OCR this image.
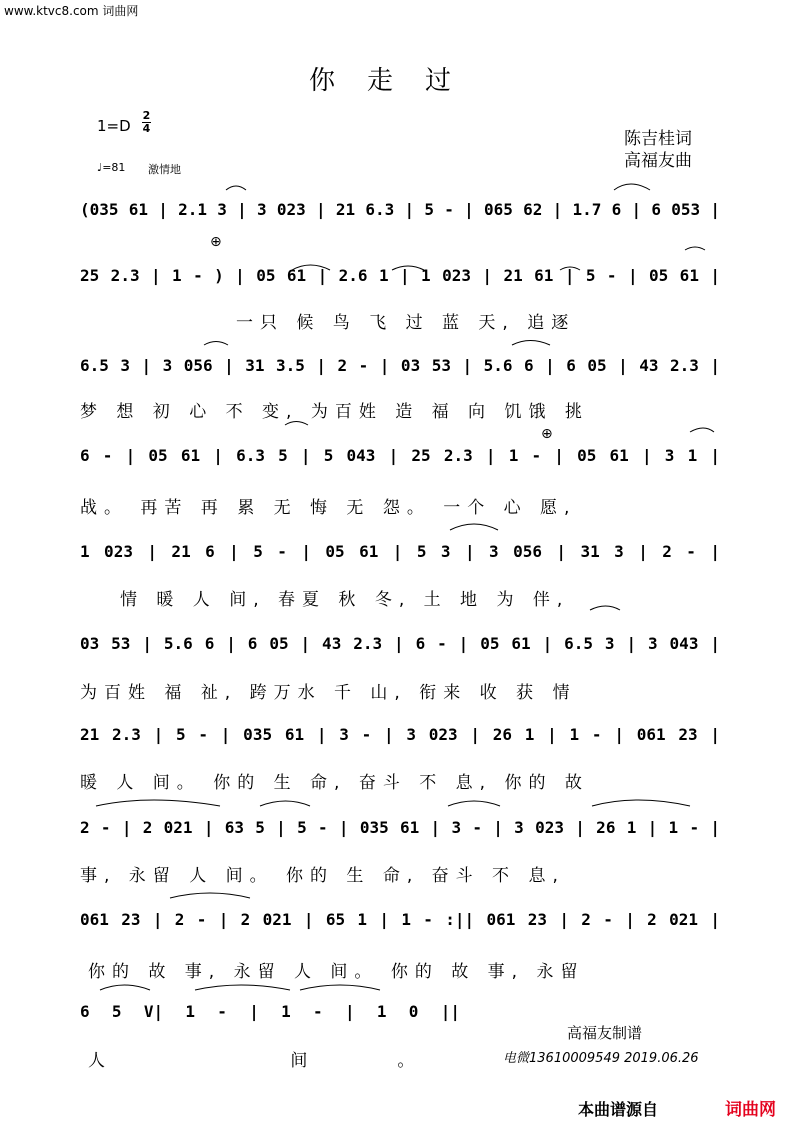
www.ktvc8.com 词曲网
你走过
1=D
2
4
♩=81 激情地
陈吉桂词
高福友曲
⊕
⊕
(035 61 | 2.1 3 | 3 023 | 21 6.3 | 5 - | 065 62 | 1.7 6 | 6 053 |
25 2.3 | 1 - ) | 05 61 | 2.6 1 | 1 023 | 21 61 | 5 - | 05 61 |
一只 候 鸟 飞 过 蓝 天, 追逐
6.5 3 | 3 056 | 31 3.5 | 2 - | 03 53 | 5.6 6 | 6 05 | 43 2.3 |
梦 想 初 心 不 变, 为百姓 造 福 向 饥饿 挑
6 - | 05 61 | 6.3 5 | 5 043 | 25 2.3 | 1 - | 05 61 | 3 1 |
战。 再苦 再 累 无 悔 无 怨。 一个 心 愿,
1 023 | 21 6 | 5 - | 05 61 | 5 3 | 3 056 | 31 3 | 2 - |
情 暖 人 间, 春夏 秋 冬, 土 地 为 伴,
03 53 | 5.6 6 | 6 05 | 43 2.3 | 6 - | 05 61 | 6.5 3 | 3 043 |
为百姓 福 祉, 跨万水 千 山, 衔来 收 获 情
21 2.3 | 5 - | 035 61 | 3 - | 3 023 | 26 1 | 1 - | 061 23 |
暖 人 间。 你的 生 命, 奋斗 不 息, 你的 故
2 - | 2 021 | 63 5 | 5 - | 035 61 | 3 - | 3 023 | 26 1 | 1 - |
事, 永留 人 间。 你的 生 命, 奋斗 不 息,
061 23 | 2 - | 2 021 | 65 1 | 1 - :|| 061 23 | 2 - | 2 021 |
你的 故 事, 永留 人 间。 你的 故 事, 永留
6 5 V| 1 - | 1 - | 1 0 ||
人 间。
高福友制谱
电微13610009549 2019.06.26
本曲谱源自	词曲网
